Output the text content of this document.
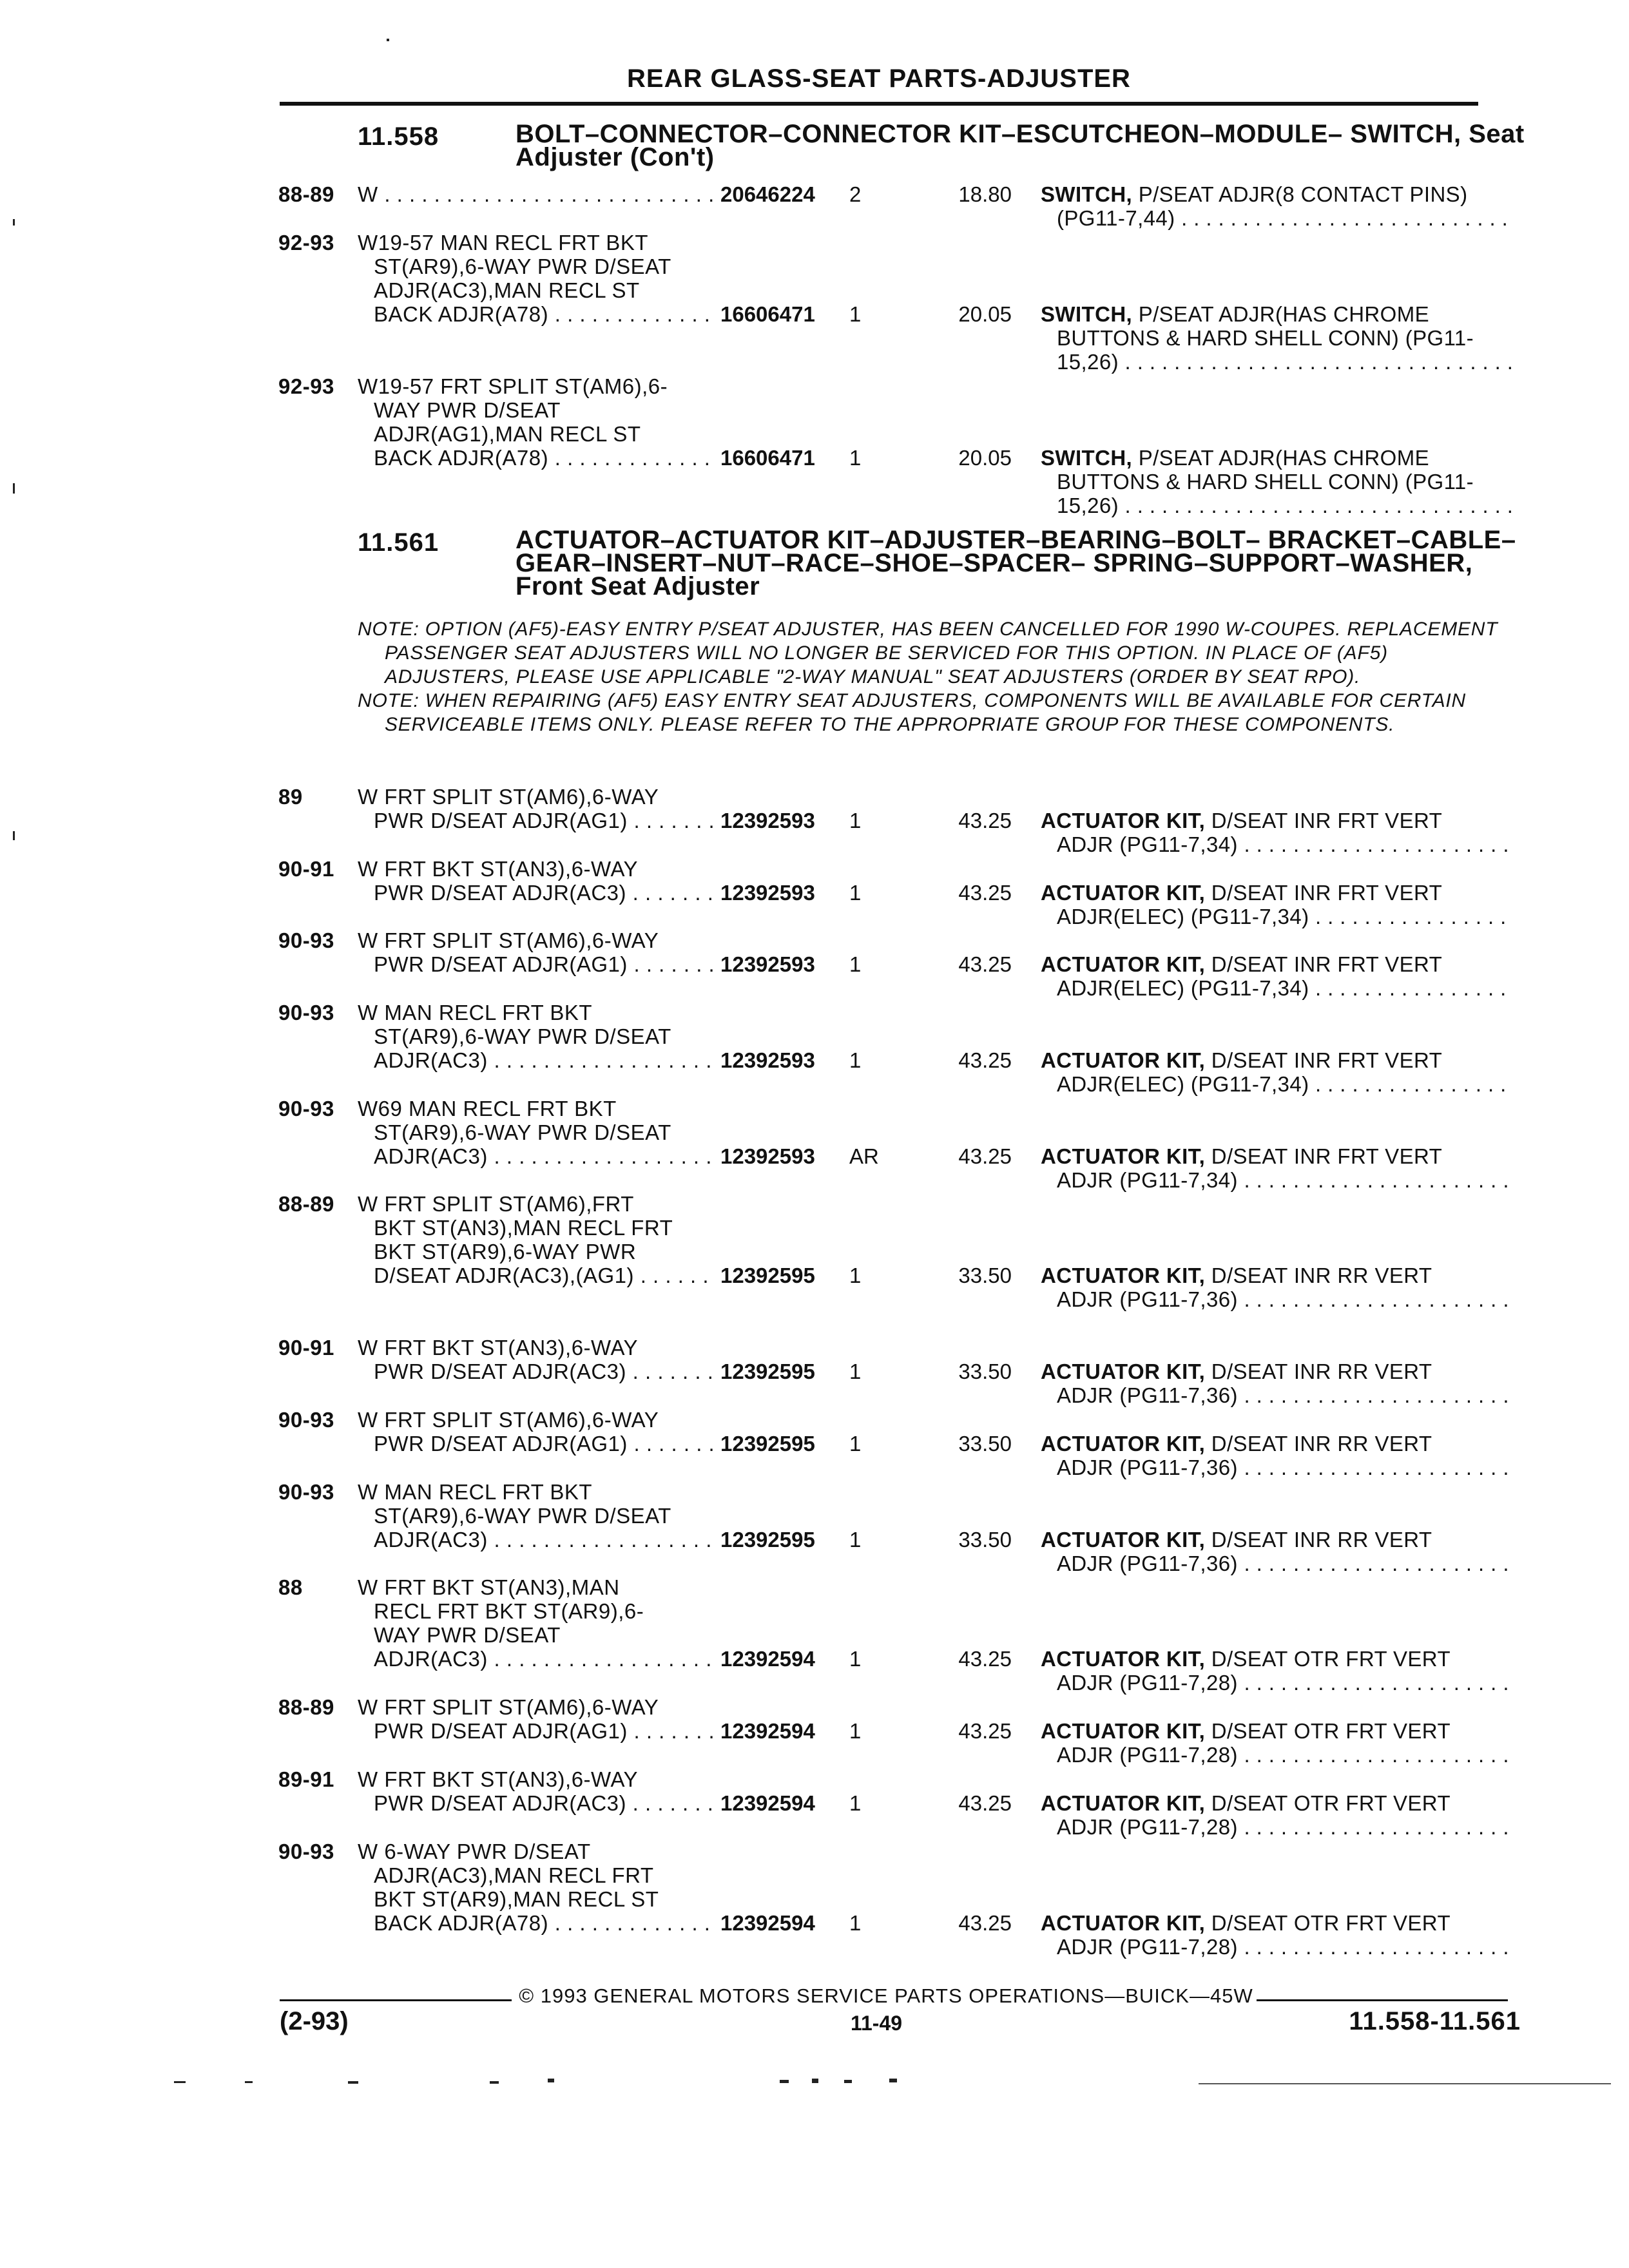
REAR GLASS-SEAT PARTS-ADJUSTER
11.558	BOLT–CONNECTOR–CONNECTOR KIT–ESCUTCHEON–MODULE– SWITCH, Seat Adjuster (Con't)
88-89 W . . .	20646224	2	18.80 SWITCH, P/SEAT ADJR(8 CONTACT PINS)
(PG11-7,44) . . .
92-93 W19-57 MAN RECL FRT BKT
ST(AR9),6-WAY PWR D/SEAT
ADJR(AC3),MAN RECL ST
BACK ADJR(A78) . . .	16606471	1	20.05 SWITCH, P/SEAT ADJR(HAS CHROME
BUTTONS & HARD SHELL CONN) (PG11-
15,26) . . .
92-93 W19-57 FRT SPLIT ST(AM6),6-
WAY PWR D/SEAT
ADJR(AG1),MAN RECL ST
BACK ADJR(A78) . . .	16606471	1	20.05 SWITCH, P/SEAT ADJR(HAS CHROME
BUTTONS & HARD SHELL CONN) (PG11-
15,26) . . .
11.561	ACTUATOR–ACTUATOR KIT–ADJUSTER–BEARING–BOLT– BRACKET–CABLE–GEAR–INSERT–NUT–RACE–SHOE–SPACER– SPRING–SUPPORT–WASHER, Front Seat Adjuster

NOTE: OPTION (AF5)-EASY ENTRY P/SEAT ADJUSTER, HAS BEEN CANCELLED FOR 1990 W-COUPES. REPLACEMENT PASSENGER SEAT ADJUSTERS WILL NO LONGER BE SERVICED FOR THIS OPTION. IN PLACE OF (AF5) ADJUSTERS, PLEASE USE APPLICABLE "2-WAY MANUAL" SEAT ADJUSTERS (ORDER BY SEAT RPO).

NOTE: WHEN REPAIRING (AF5) EASY ENTRY SEAT ADJUSTERS, COMPONENTS WILL BE AVAILABLE FOR CERTAIN SERVICEABLE ITEMS ONLY. PLEASE REFER TO THE APPROPRIATE GROUP FOR THESE COMPONENTS.

89	W FRT SPLIT ST(AM6),6-WAY
PWR D/SEAT ADJR(AG1) . . .	12392593	1	43.25 ACTUATOR KIT, D/SEAT INR FRT VERT
ADJR (PG11-7,34) . . .
90-91 W FRT BKT ST(AN3),6-WAY
PWR D/SEAT ADJR(AC3) . . .	12392593	1	43.25 ACTUATOR KIT, D/SEAT INR FRT VERT
ADJR(ELEC) (PG11-7,34) . . .
90-93 W FRT SPLIT ST(AM6),6-WAY
PWR D/SEAT ADJR(AG1) . . .	12392593	1	43.25 ACTUATOR KIT, D/SEAT INR FRT VERT
ADJR(ELEC) (PG11-7,34) . . .
90-93 W MAN RECL FRT BKT
ST(AR9),6-WAY PWR D/SEAT
ADJR(AC3) . . .	12392593	1	43.25 ACTUATOR KIT, D/SEAT INR FRT VERT
ADJR(ELEC) (PG11-7,34) . . .
90-93 W69 MAN RECL FRT BKT
ST(AR9),6-WAY PWR D/SEAT
ADJR(AC3) . . .	12392593	AR	43.25 ACTUATOR KIT, D/SEAT INR FRT VERT
ADJR (PG11-7,34) . . .
88-89 W FRT SPLIT ST(AM6),FRT
BKT ST(AN3),MAN RECL FRT
BKT ST(AR9),6-WAY PWR
D/SEAT ADJR(AC3),(AG1) . . .	12392595	1	33.50 ACTUATOR KIT, D/SEAT INR RR VERT
ADJR (PG11-7,36) . . .
90-91 W FRT BKT ST(AN3),6-WAY
PWR D/SEAT ADJR(AC3) . . .	12392595	1	33.50 ACTUATOR KIT, D/SEAT INR RR VERT
ADJR (PG11-7,36) . . .
90-93 W FRT SPLIT ST(AM6),6-WAY
PWR D/SEAT ADJR(AG1) . . .	12392595	1	33.50 ACTUATOR KIT, D/SEAT INR RR VERT
ADJR (PG11-7,36) . . .
90-93 W MAN RECL FRT BKT
ST(AR9),6-WAY PWR D/SEAT
ADJR(AC3) . . .	12392595	1	33.50 ACTUATOR KIT, D/SEAT INR RR VERT
ADJR (PG11-7,36) . . .
88	W FRT BKT ST(AN3),MAN
RECL FRT BKT ST(AR9),6-
WAY PWR D/SEAT
ADJR(AC3) . . .	12392594	1	43.25 ACTUATOR KIT, D/SEAT OTR FRT VERT
ADJR (PG11-7,28) . . .
88-89 W FRT SPLIT ST(AM6),6-WAY
PWR D/SEAT ADJR(AG1) . . .	12392594	1	43.25 ACTUATOR KIT, D/SEAT OTR FRT VERT
ADJR (PG11-7,28) . . .
89-91 W FRT BKT ST(AN3),6-WAY
PWR D/SEAT ADJR(AC3) . . .	12392594	1	43.25 ACTUATOR KIT, D/SEAT OTR FRT VERT
ADJR (PG11-7,28) . . .
90-93 W 6-WAY PWR D/SEAT
ADJR(AC3),MAN RECL FRT
BKT ST(AR9),MAN RECL ST
BACK ADJR(A78) . . .	12392594	1	43.25 ACTUATOR KIT, D/SEAT OTR FRT VERT
ADJR (PG11-7,28) . . .
© 1993 GENERAL MOTORS SERVICE PARTS OPERATIONS—BUICK—45W
(2-93)	11-49	11.558-11.561
